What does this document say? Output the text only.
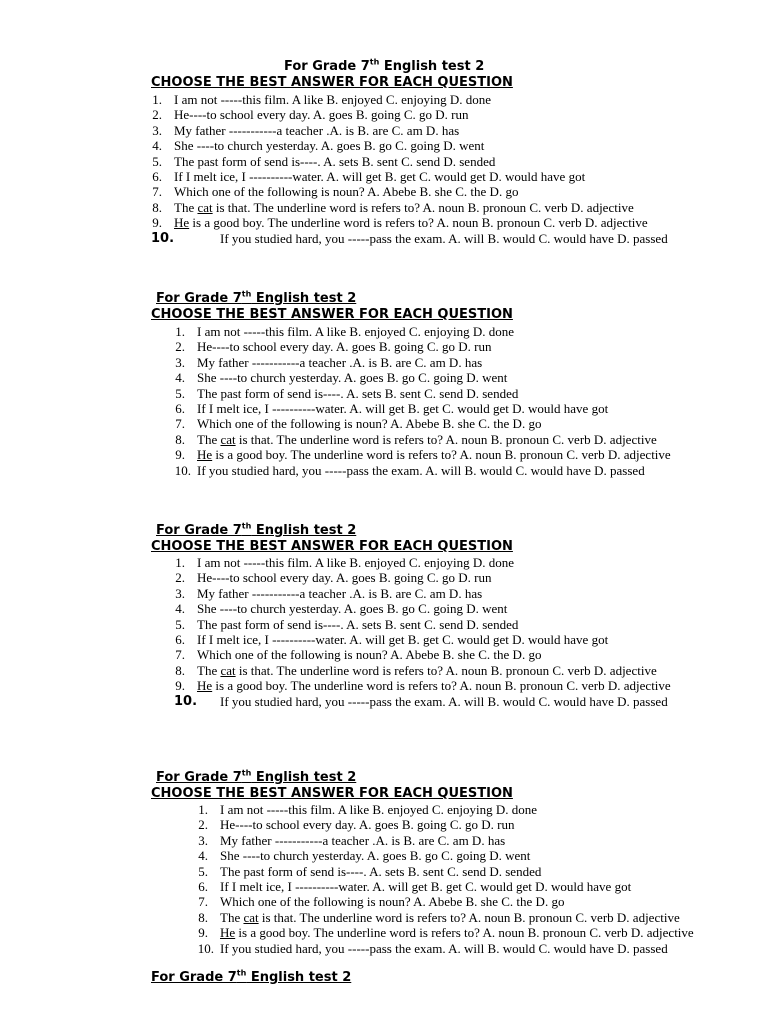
For Grade 7th English test 2
CHOOSE THE BEST ANSWER FOR EACH QUESTION
1. I am not -----this film. A like B. enjoyed C. enjoying D. done
2. He----to school every day. A. goes B. going C. go D. run
3. My father -----------a teacher .A. is B. are C. am D. has
4. She ----to church yesterday. A. goes B. go C. going D. went
5. The past form of send is----. A. sets B. sent C. send D. sended
6. If I melt ice, I ----------water. A. will get B. get C. would get D. would have got
7. Which one of the following is noun? A. Abebe B. she C. the D. go
8. The cat is that. The underline word is refers to? A. noun B. pronoun C. verb D. adjective
9. He is a good boy. The underline word is refers to? A. noun B. pronoun C. verb D. adjective
10.	If you studied hard, you -----pass the exam. A. will B. would C. would have D. passed
For Grade 7th English test 2
CHOOSE THE BEST ANSWER FOR EACH QUESTION
1. I am not -----this film. A like B. enjoyed C. enjoying D. done
2. He----to school every day. A. goes B. going C. go D. run
3. My father -----------a teacher .A. is B. are C. am D. has
4. She ----to church yesterday. A. goes B. go C. going D. went
5. The past form of send is----. A. sets B. sent C. send D. sended
6. If I melt ice, I ----------water. A. will get B. get C. would get D. would have got
7. Which one of the following is noun? A. Abebe B. she C. the D. go
8. The cat is that. The underline word is refers to? A. noun B. pronoun C. verb D. adjective
9. He is a good boy. The underline word is refers to? A. noun B. pronoun C. verb D. adjective
10. If you studied hard, you -----pass the exam. A. will B. would C. would have D. passed
For Grade 7th English test 2
CHOOSE THE BEST ANSWER FOR EACH QUESTION
1. I am not -----this film. A like B. enjoyed C. enjoying D. done
2. He----to school every day. A. goes B. going C. go D. run
3. My father -----------a teacher .A. is B. are C. am D. has
4. She ----to church yesterday. A. goes B. go C. going D. went
5. The past form of send is----. A. sets B. sent C. send D. sended
6. If I melt ice, I ----------water. A. will get B. get C. would get D. would have got
7. Which one of the following is noun? A. Abebe B. she C. the D. go
8. The cat is that. The underline word is refers to? A. noun B. pronoun C. verb D. adjective
9. He is a good boy. The underline word is refers to? A. noun B. pronoun C. verb D. adjective
10. If you studied hard, you -----pass the exam. A. will B. would C. would have D. passed
For Grade 7th English test 2
CHOOSE THE BEST ANSWER FOR EACH QUESTION
1. I am not -----this film. A like B. enjoyed C. enjoying D. done
2. He----to school every day. A. goes B. going C. go D. run
3. My father -----------a teacher .A. is B. are C. am D. has
4. She ----to church yesterday. A. goes B. go C. going D. went
5. The past form of send is----. A. sets B. sent C. send D. sended
6. If I melt ice, I ----------water. A. will get B. get C. would get D. would have got
7. Which one of the following is noun? A. Abebe B. she C. the D. go
8. The cat is that. The underline word is refers to? A. noun B. pronoun C. verb D. adjective
9. He is a good boy. The underline word is refers to? A. noun B. pronoun C. verb D. adjective
10. If you studied hard, you -----pass the exam. A. will B. would C. would have D. passed
For Grade 7th English test 2
